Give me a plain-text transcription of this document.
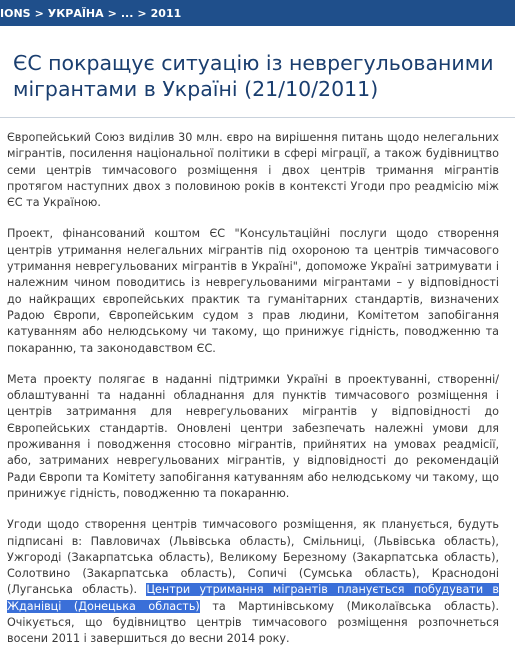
IONS > УКРАЇНА > ... > 2011
ЄС покращує ситуацію із неврегульованими мігрантами в Україні (21/10/2011)

Європейський Союз виділив 30 млн. євро на вирішення питань щодо нелегальних мігрантів, посилення національної політики в сфері міграції, а також будівництво семи центрів тимчасового розміщення і двох центрів тримання мігрантів протягом наступних двох з половиною років в контексті Угоди про реадмісію між ЄС та Україною.

Проект, фінансований коштом ЄС "Консультаційні послуги щодо створення центрів утримання нелегальних мігрантів під охороною та центрів тимчасового утримання неврегульованих мігрантів в Україні", допоможе Україні затримувати і належним чином поводитись із неврегульованими мігрантами – у відповідності до найкращих європейських практик та гуманітарних стандартів, визначених Радою Європи, Європейським судом з прав людини, Комітетом запобігання катуванням або нелюдському чи такому, що принижує гідність, поводженню та покаранню, та законодавством ЄС.

Мета проекту полягає в наданні підтримки Україні в проектуванні, створенні/ облаштуванні та наданні обладнання для пунктів тимчасового розміщення і центрів затримання для неврегульованих мігрантів у відповідності до Європейських стандартів. Оновлені центри забезпечать належні умови для проживання і поводження стосовно мігрантів, прийнятих на умовах реадмісії, або, затриманих неврегульованих мігрантів, у відповідності до рекомендацій Ради Європи та Комітету запобігання катуванням або нелюдському чи такому, що принижує гідність, поводженню та покаранню.

Угоди щодо створення центрів тимчасового розміщення, як планується, будуть підписані в: Павловичах (Львівська область), Смільниці, (Львівська область), Ужгороді (Закарпатська область), Великому Березному (Закарпатська область), Солотвино (Закарпатська область), Сопичі (Сумська область), Краснодоні (Луганська область). Центри утримання мігрантів планується побудувати в Жданівці (Донецька область) та Мартинівському (Миколаївська область). Очікується, що будівництво центрів тимчасового розміщення розпочнеться восени 2011 і завершиться до весни 2014 року.
